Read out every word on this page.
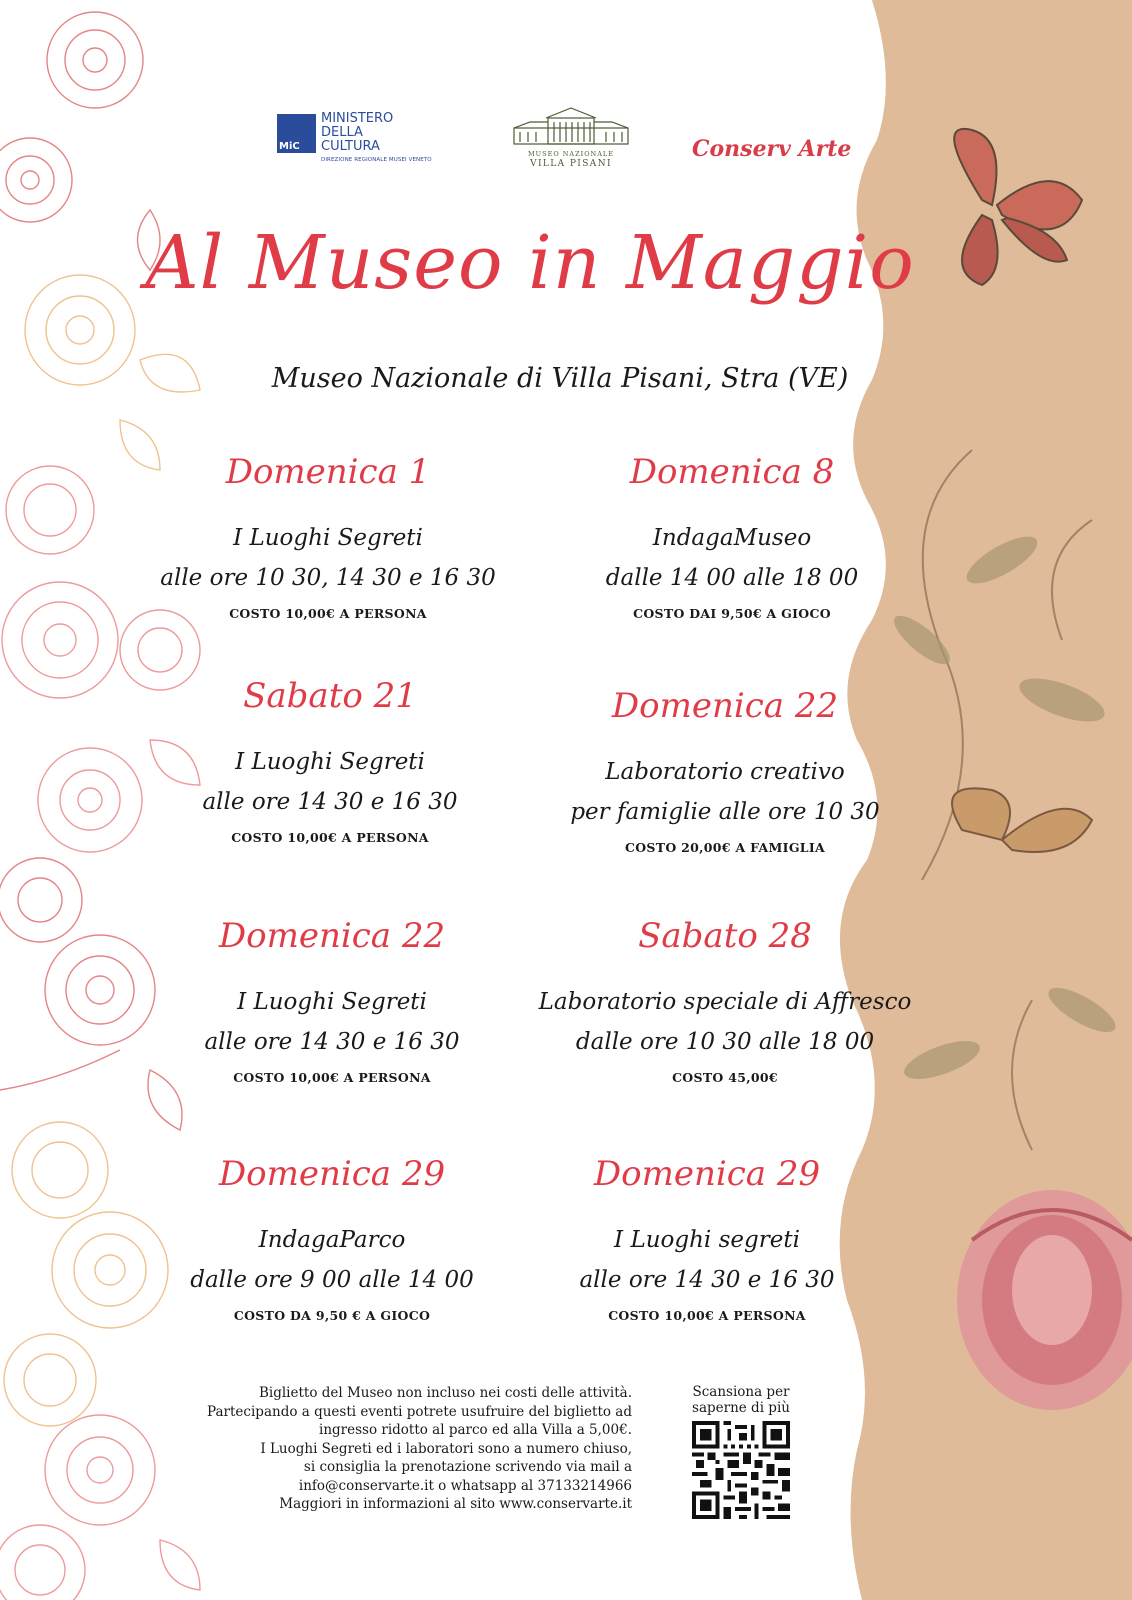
MiC
MINISTERO
DELLA
CULTURA
DIREZIONE REGIONALE MUSEI VENETO
MUSEO NAZIONALE
VILLA PISANI
Conserv Arte
Al Museo in Maggio
Museo Nazionale di Villa Pisani, Stra (VE)
Domenica 1
I Luoghi Segreti
alle ore 10 30, 14 30 e 16 30
COSTO 10,00€ A PERSONA
Domenica 8
IndagaMuseo
dalle 14 00 alle 18 00
COSTO DAI 9,50€ A GIOCO
Sabato 21
I Luoghi Segreti
alle ore 14 30 e 16 30
COSTO 10,00€ A PERSONA
Domenica 22
Laboratorio creativo
per famiglie alle ore 10 30
COSTO 20,00€ A FAMIGLIA
Domenica 22
I Luoghi Segreti
alle ore 14 30 e 16 30
COSTO 10,00€ A PERSONA
Sabato 28
Laboratorio speciale di Affresco
dalle ore 10 30 alle 18 00
COSTO 45,00€
Domenica 29
IndagaParco
dalle ore 9 00 alle 14 00
COSTO DA 9,50 € A GIOCO
Domenica 29
I Luoghi segreti
alle ore 14 30 e 16 30
COSTO 10,00€ A PERSONA
Biglietto del Museo non incluso nei costi delle attività.
Partecipando a questi eventi potrete usufruire del biglietto ad
ingresso ridotto al parco ed alla Villa a 5,00€.
I Luoghi Segreti ed i laboratori sono a numero chiuso,
si consiglia la prenotazione scrivendo via mail a
info@conservarte.it o whatsapp al 37133214966
Maggiori in informazioni al sito www.conservarte.it
Scansiona per
saperne di più
